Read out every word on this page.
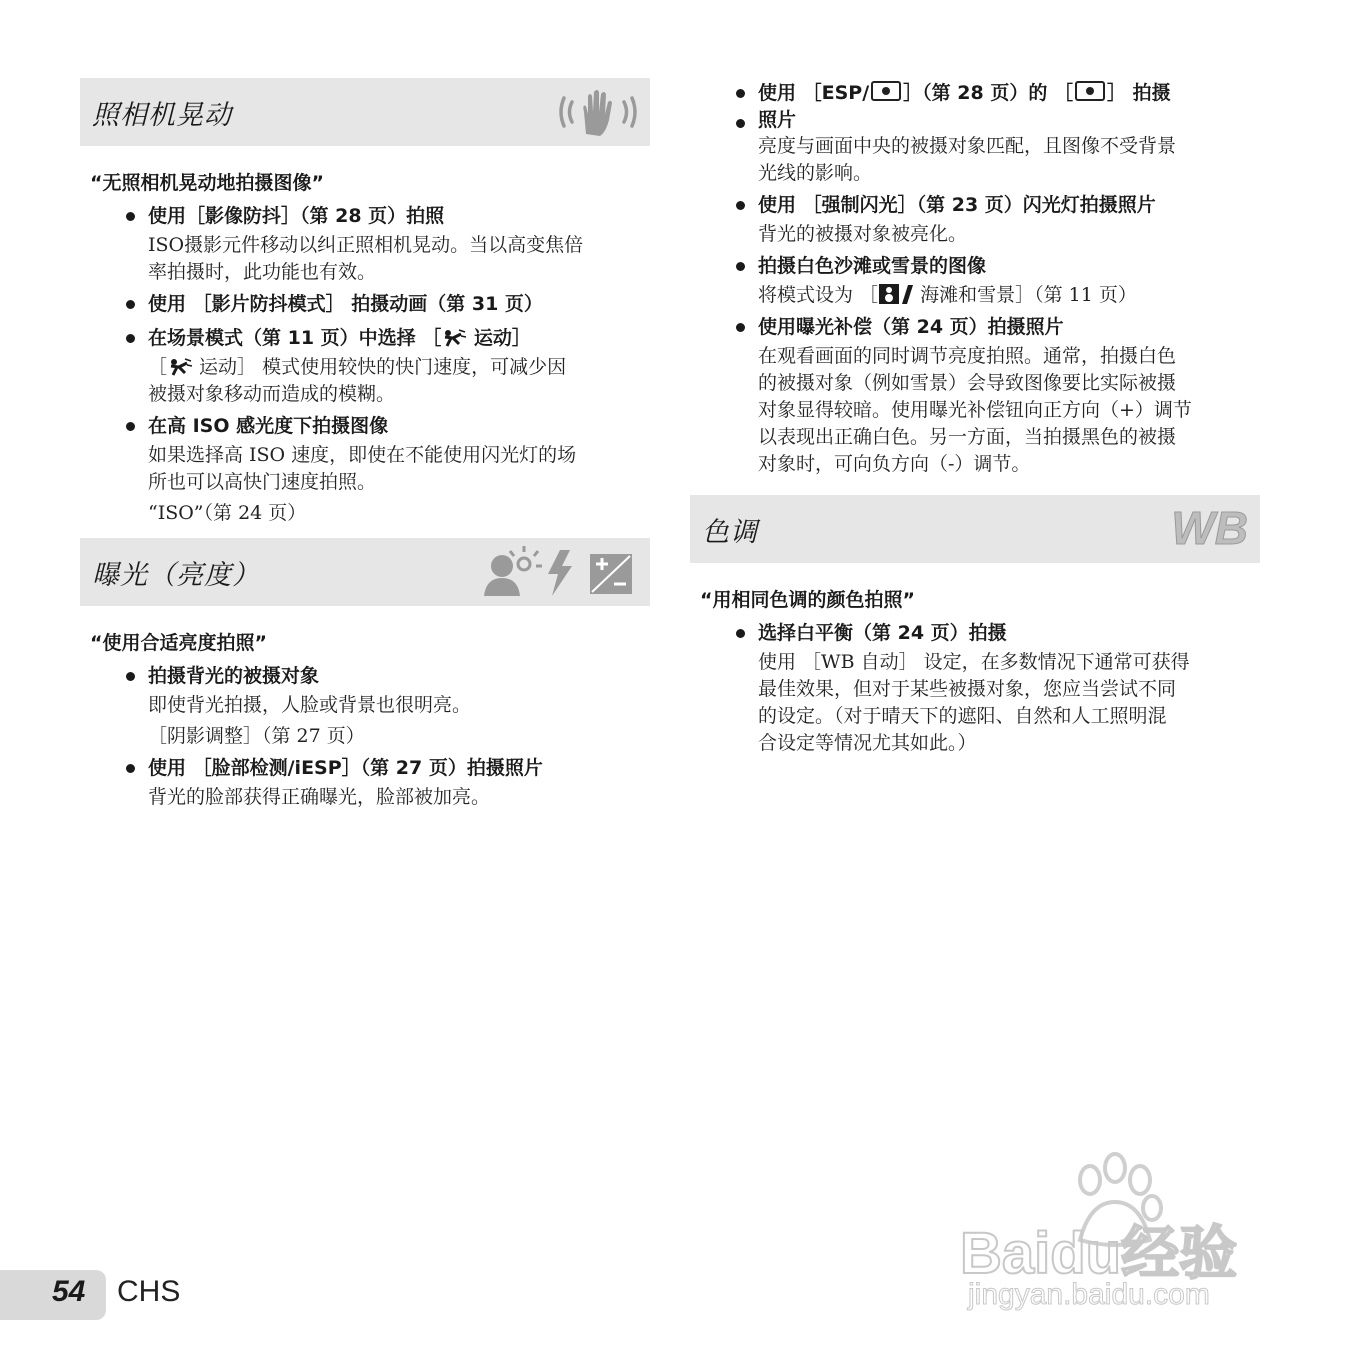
照相机晃动
“无照相机晃动地拍摄图像”
使用［影像防抖］（第 28 页）拍照
ISO摄影元件移动以纠正照相机晃动。当以高变焦倍
率拍摄时，此功能也有效。
使用 ［影片防抖模式］ 拍摄动画（第 31 页）
在场景模式（第 11 页）中选择 ［ 运动］
［ 运动］ 模式使用较快的快门速度，可减少因
被摄对象移动而造成的模糊。
在高 ISO 感光度下拍摄图像
如果选择高 ISO 速度，即使在不能使用闪光灯的场
所也可以高快门速度拍照。
“ISO”（第 24 页）
曝光（亮度）
“使用合适亮度拍照”
拍摄背光的被摄对象
即使背光拍摄，人脸或背景也很明亮。
［阴影调整］（第 27 页）
使用 ［脸部检测/iESP］（第 27 页）拍摄照片
背光的脸部获得正确曝光，脸部被加亮。
使用 ［ESP/ ］（第 28 页）的 ［ ］ 拍摄
照片
亮度与画面中央的被摄对象匹配，且图像不受背景
光线的影响。
使用 ［强制闪光］（第 23 页）闪光灯拍摄照片
背光的被摄对象被亮化。
拍摄白色沙滩或雪景的图像
将模式设为 ［ 海滩和雪景］（第 11 页）
使用曝光补偿（第 24 页）拍摄照片
在观看画面的同时调节亮度拍照。通常，拍摄白色
的被摄对象（例如雪景）会导致图像要比实际被摄
对象显得较暗。使用曝光补偿钮向正方向（+）调节
以表现出正确白色。另一方面，当拍摄黑色的被摄
对象时，可向负方向（-）调节。
色调	WB
“用相同色调的颜色拍照”
选择白平衡（第 24 页）拍摄
使用 ［WB 自动］ 设定，在多数情况下通常可获得
最佳效果，但对于某些被摄对象，您应当尝试不同
的设定。（对于晴天下的遮阳、自然和人工照明混
合设定等情况尤其如此。）
Baidu经验
jingyan.baidu.com
54 CHS
